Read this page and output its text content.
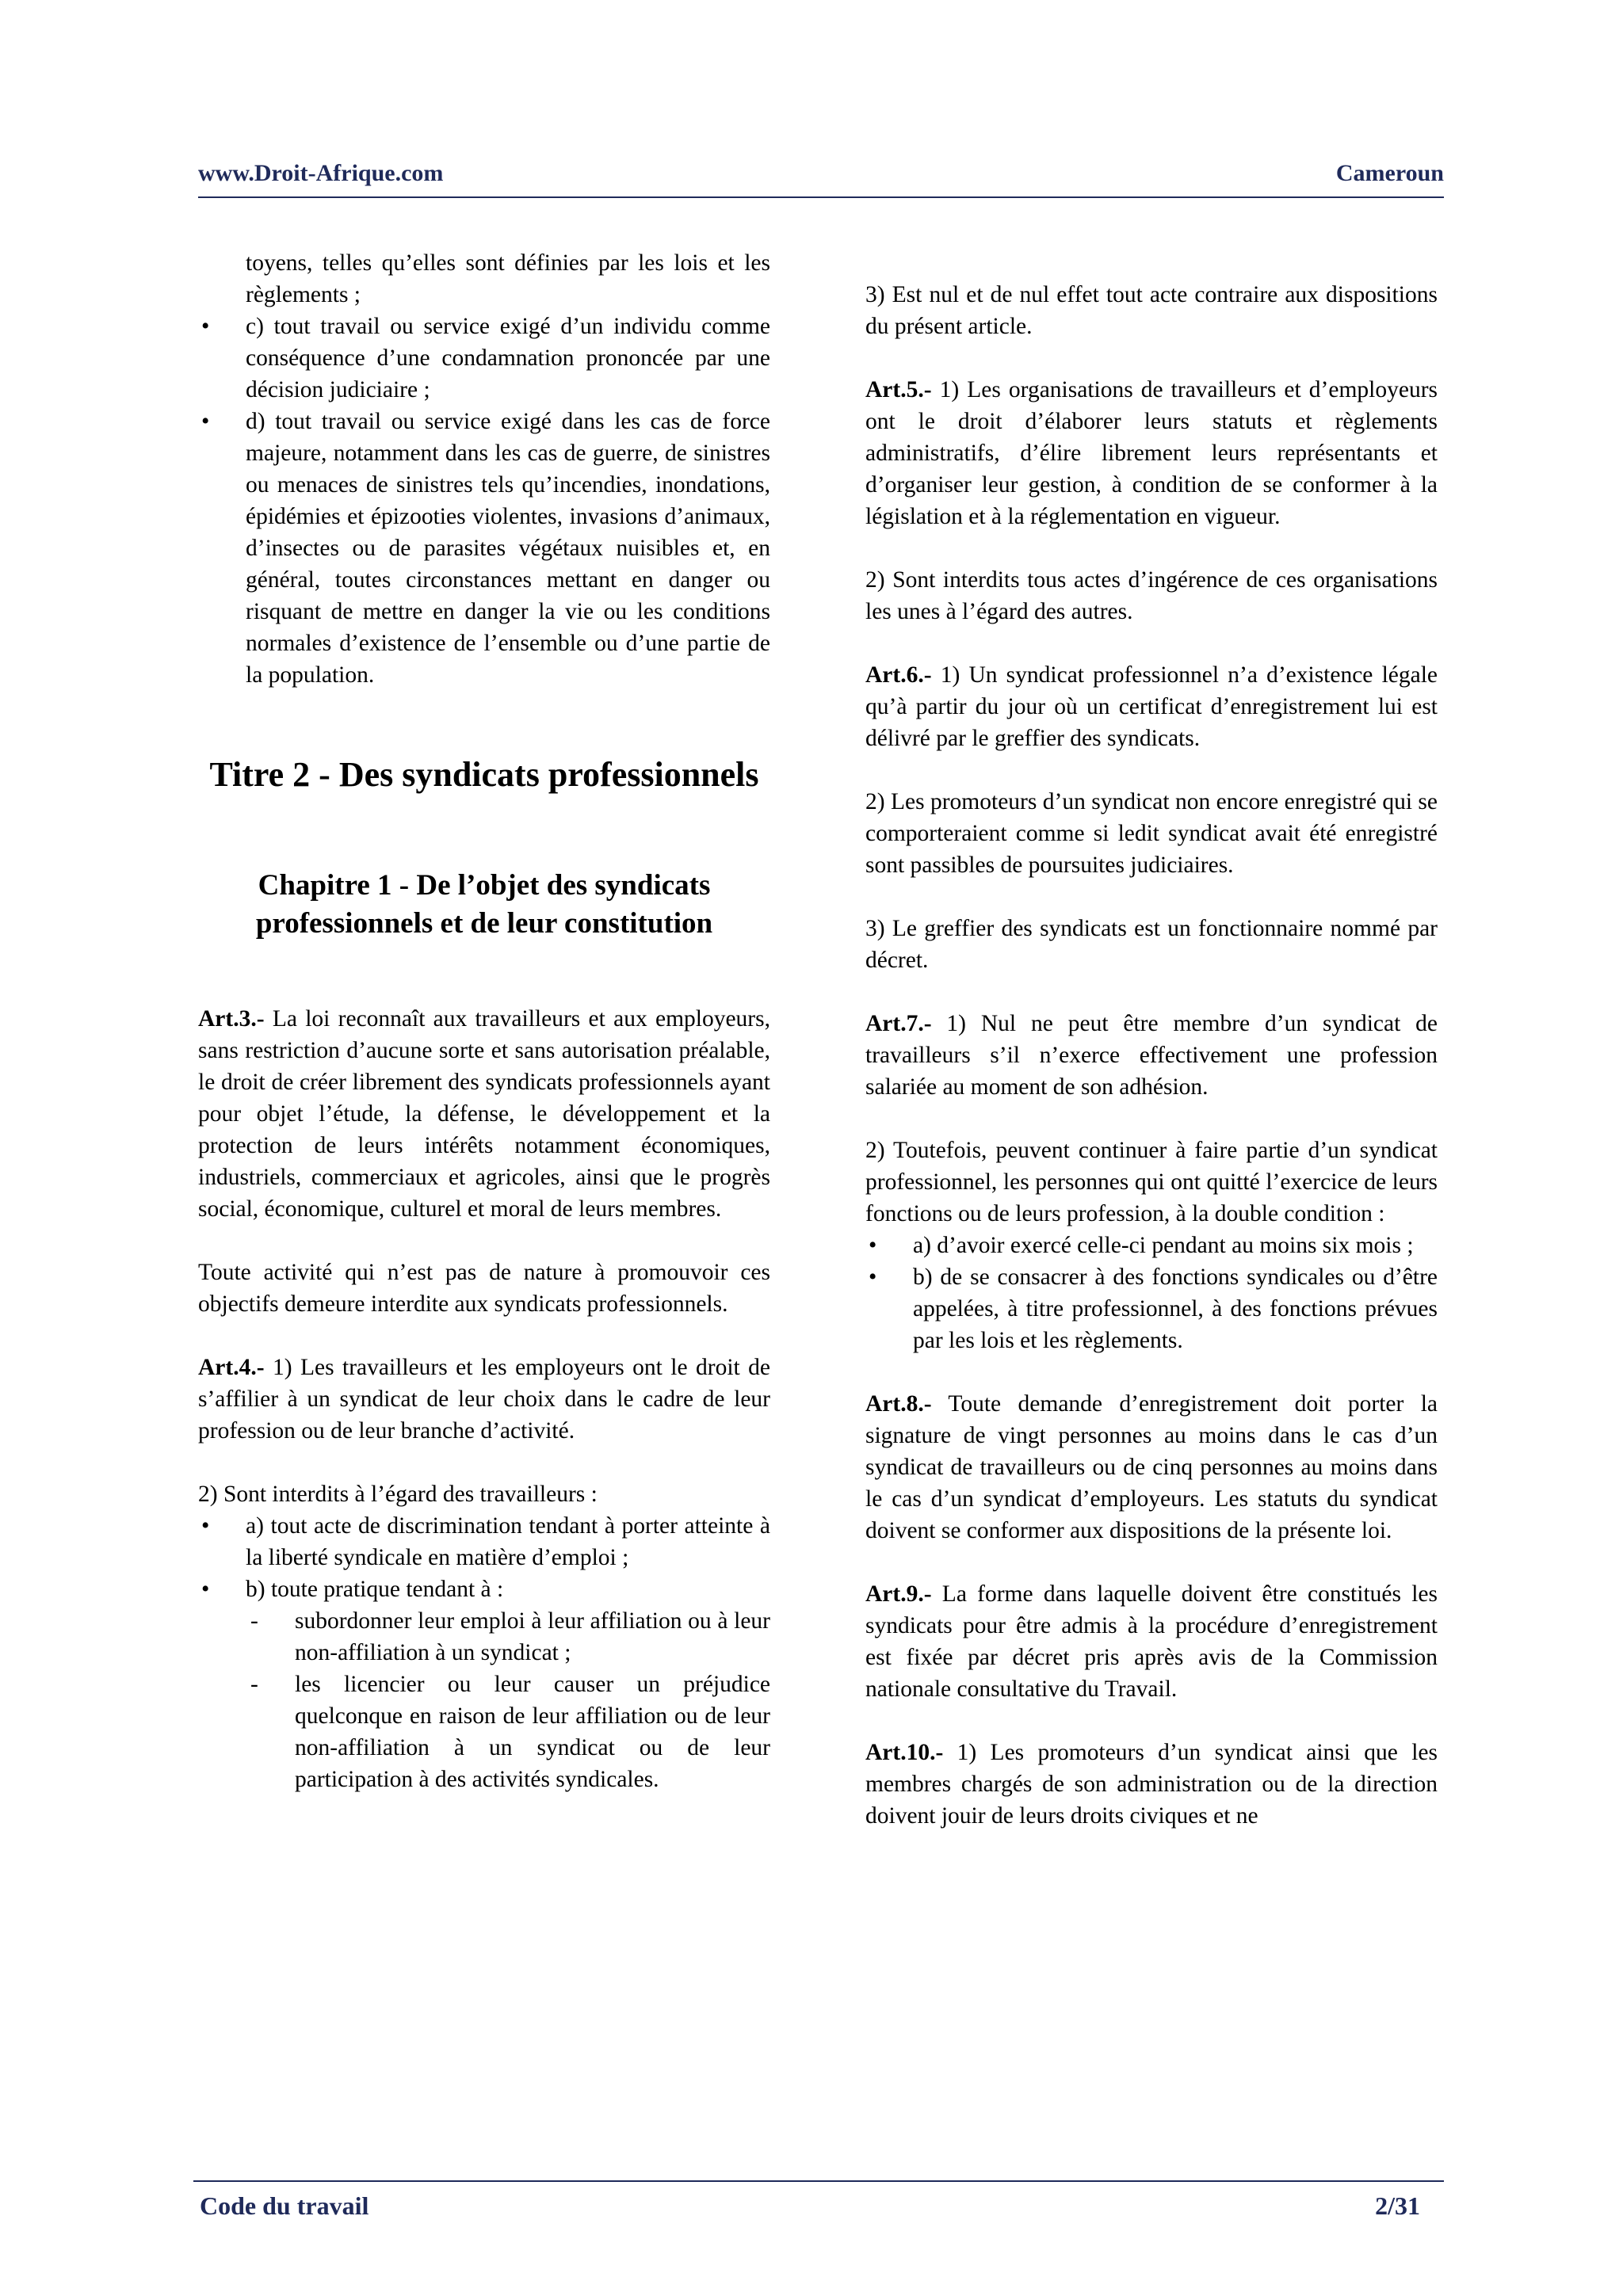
www.Droit-Afrique.com	Cameroun

toyens, telles qu’elles sont définies par les lois et les règlements ;

• c) tout travail ou service exigé d’un individu comme conséquence d’une condamnation prononcée par une décision judiciaire ;
• d) tout travail ou service exigé dans les cas de force majeure, notamment dans les cas de guerre, de sinistres ou menaces de sinistres tels qu’incendies, inondations, épidémies et épizooties violentes, invasions d’animaux, d’insectes ou de parasites végétaux nuisibles et, en général, toutes circonstances mettant en danger ou risquant de mettre en danger la vie ou les conditions normales d’existence de l’ensemble ou d’une partie de la population.
Titre 2 - Des syndicats professionnels
Chapitre 1 - De l’objet des syndicats professionnels et de leur constitution

Art.3.- La loi reconnaît aux travailleurs et aux employeurs, sans restriction d’aucune sorte et sans autorisation préalable, le droit de créer librement des syndicats professionnels ayant pour objet l’étude, la défense, le développement et la protection de leurs intérêts notamment économiques, industriels, commerciaux et agricoles, ainsi que le progrès social, économique, culturel et moral de leurs membres.

Toute activité qui n’est pas de nature à promouvoir ces objectifs demeure interdite aux syndicats professionnels.

Art.4.- 1) Les travailleurs et les employeurs ont le droit de s’affilier à un syndicat de leur choix dans le cadre de leur profession ou de leur branche d’activité.

2) Sont interdits à l’égard des travailleurs :

• a) tout acte de discrimination tendant à porter atteinte à la liberté syndicale en matière d’emploi ;
• b) toute pratique tendant à :
- subordonner leur emploi à leur affiliation ou à leur non-affiliation à un syndicat ;
- les licencier ou leur causer un préjudice quelconque en raison de leur affiliation ou de leur non-affiliation à un syndicat ou de leur participation à des activités syndicales.

3) Est nul et de nul effet tout acte contraire aux dispositions du présent article.

Art.5.- 1) Les organisations de travailleurs et d’employeurs ont le droit d’élaborer leurs statuts et règlements administratifs, d’élire librement leurs représentants et d’organiser leur gestion, à condition de se conformer à la législation et à la réglementation en vigueur.

2) Sont interdits tous actes d’ingérence de ces organisations les unes à l’égard des autres.

Art.6.- 1) Un syndicat professionnel n’a d’existence légale qu’à partir du jour où un certificat d’enregistrement lui est délivré par le greffier des syndicats.

2) Les promoteurs d’un syndicat non encore enregistré qui se comporteraient comme si ledit syndicat avait été enregistré sont passibles de poursuites judiciaires.

3) Le greffier des syndicats est un fonctionnaire nommé par décret.

Art.7.- 1) Nul ne peut être membre d’un syndicat de travailleurs s’il n’exerce effectivement une profession salariée au moment de son adhésion.

2) Toutefois, peuvent continuer à faire partie d’un syndicat professionnel, les personnes qui ont quitté l’exercice de leurs fonctions ou de leurs profession, à la double condition :

• a) d’avoir exercé celle-ci pendant au moins six mois ;
• b) de se consacrer à des fonctions syndicales ou d’être appelées, à titre professionnel, à des fonctions prévues par les lois et les règlements.

Art.8.- Toute demande d’enregistrement doit porter la signature de vingt personnes au moins dans le cas d’un syndicat de travailleurs ou de cinq personnes au moins dans le cas d’un syndicat d’employeurs. Les statuts du syndicat doivent se conformer aux dispositions de la présente loi.

Art.9.- La forme dans laquelle doivent être constitués les syndicats pour être admis à la procédure d’enregistrement est fixée par décret pris après avis de la Commission nationale consultative du Travail.

Art.10.- 1) Les promoteurs d’un syndicat ainsi que les membres chargés de son administration ou de la direction doivent jouir de leurs droits civiques et ne

Code du travail	2/31
